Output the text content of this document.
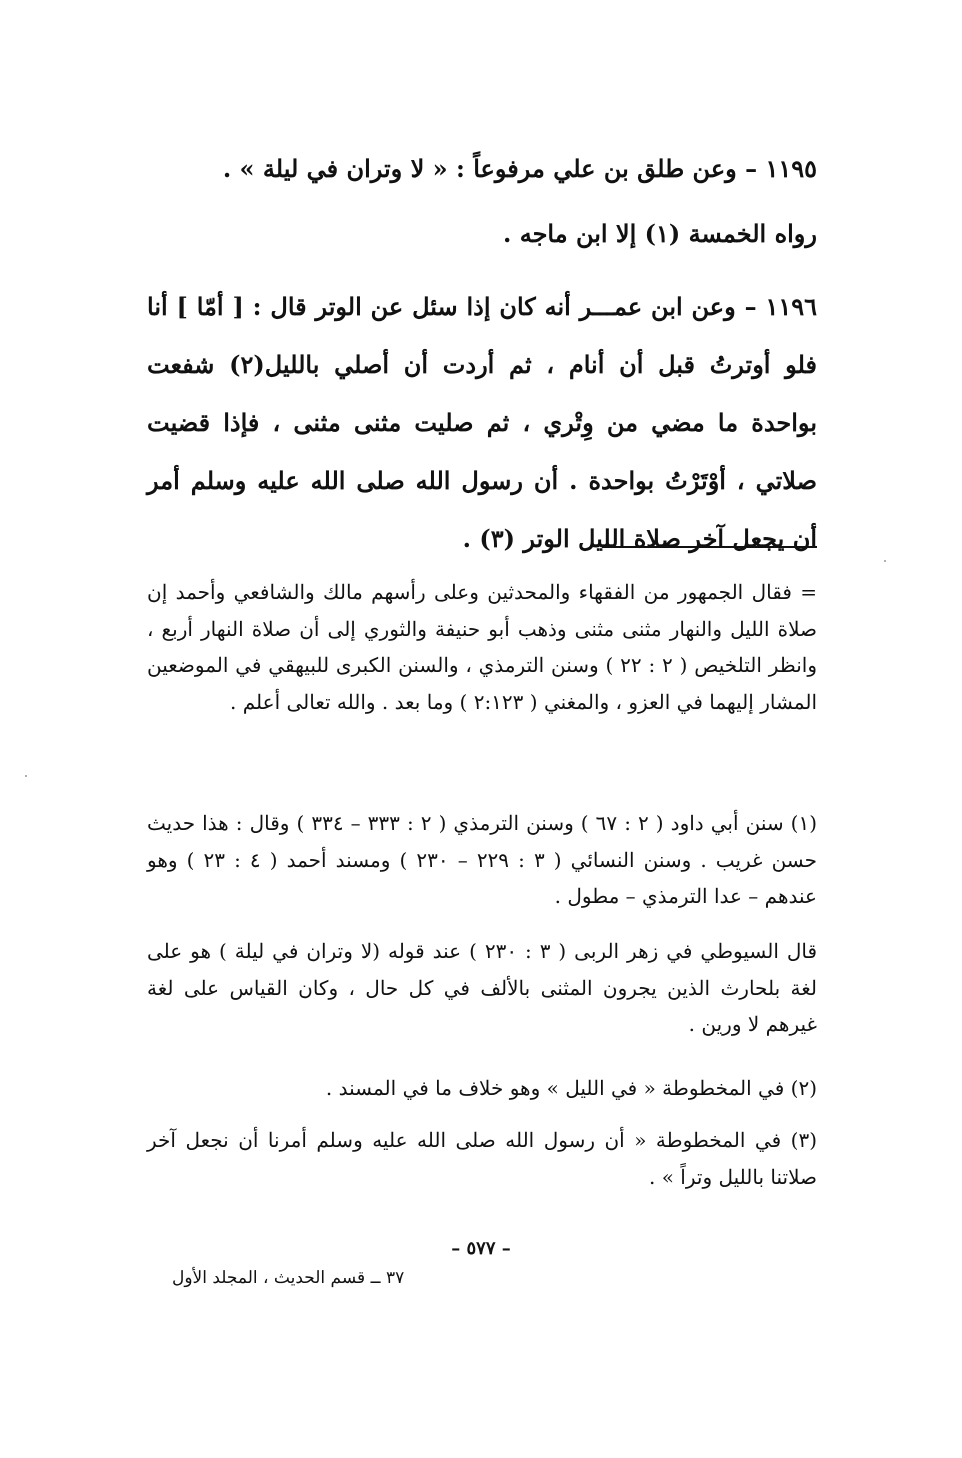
١١٩٥ – وعن طلق بن علي مرفوعاً : « لا وتران في ليلة » .

رواه الخمسة (١) إلا ابن ماجه .

١١٩٦ – وعن ابن عمـــر أنه كان إذا سئل عن الوتر قال : [ أمّا ] أنا فلو أوترتُ قبل أن أنام ، ثم أردت أن أصلي بالليل(٢) شفعت بواحدة ما مضي من وِتْري ، ثم صليت مثنى مثنى ، فإذا قضيت صلاتي ، أوْتَرْتُ بواحدة . أن رسول الله صلى الله عليه وسلم أمر أن يجعل آخر صلاة الليل الوتر (٣) .

= فقال الجمهور من الفقهاء والمحدثين وعلى رأسهم مالك والشافعي وأحمد إن صلاة الليل والنهار مثنى مثنى وذهب أبو حنيفة والثوري إلى أن صلاة النهار أربع ، وانظر التلخيص ( ٢ : ٢٢ ) وسنن الترمذي ، والسنن الكبرى للبيهقي في الموضعين المشار إليهما في العزو ، والمغني ( ٢:١٢٣ ) وما بعد . والله تعالى أعلم .

(١) سنن أبي داود ( ٢ : ٦٧ ) وسنن الترمذي ( ٢ : ٣٣٣ – ٣٣٤ ) وقال : هذا حديث حسن غريب . وسنن النسائي ( ٣ : ٢٢٩ – ٢٣٠ ) ومسند أحمد ( ٤ : ٢٣ ) وهو عندهم – عدا الترمذي – مطول .

قال السيوطي في زهر الربى ( ٣ : ٢٣٠ ) عند قوله (لا وتران في ليلة ) هو على لغة بلحارث الذين يجرون المثنى بالألف في كل حال ، وكان القياس على لغة غيرهم لا ورين .

(٢) في المخطوطة « في الليل » وهو خلاف ما في المسند .

(٣) في المخطوطة « أن رسول الله صلى الله عليه وسلم أمرنا أن نجعل آخر صلاتنا بالليل وتراً » .

– ٥٧٧ –
٣٧ ــ قسم الحديث ، المجلد الأول
